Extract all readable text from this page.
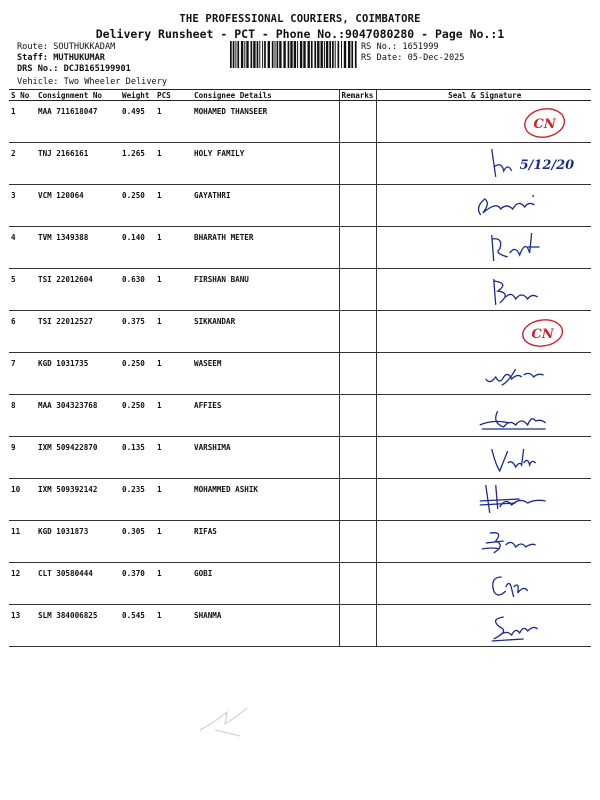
THE PROFESSIONAL COURIERS, COIMBATORE
Delivery Runsheet - PCT - Phone No.:9047080280 - Page No.:1
Route: SOUTHUKKADAM
Staff: MUTHUKUMAR
DRS No.: DCJB165199901
RS No.: 1651999
RS Date: 05-Dec-2025
Vehicle: Two Wheeler Delivery
S No	Consignment No	Weight	PCS	Consignee Details	Remarks	Seal & Signature
1	MAA 711618047	0.495	1	MOHAMED THANSEER		CN

2	TNJ 2166161	1.265	1	HOLY FAMILY		5/12/20

3	VCM 120064	0.250	1	GAYATHRI		

4	TVM 1349388	0.140	1	BHARATH METER		

5	TSI 22012604	0.630	1	FIRSHAN BANU		

6	TSI 22012527	0.375	1	SIKKANDAR		CN

7	KGD 1031735	0.250	1	WASEEM		

8	MAA 304323768	0.250	1	AFFIES		

9	IXM 509422870	0.135	1	VARSHIMA		

10	IXM 509392142	0.235	1	MOHAMMED ASHIK		

11	KGD 1031873	0.305	1	RIFAS		

12	CLT 30580444	0.370	1	GOBI		

13	SLM 384006825	0.545	1	SHANMA		
